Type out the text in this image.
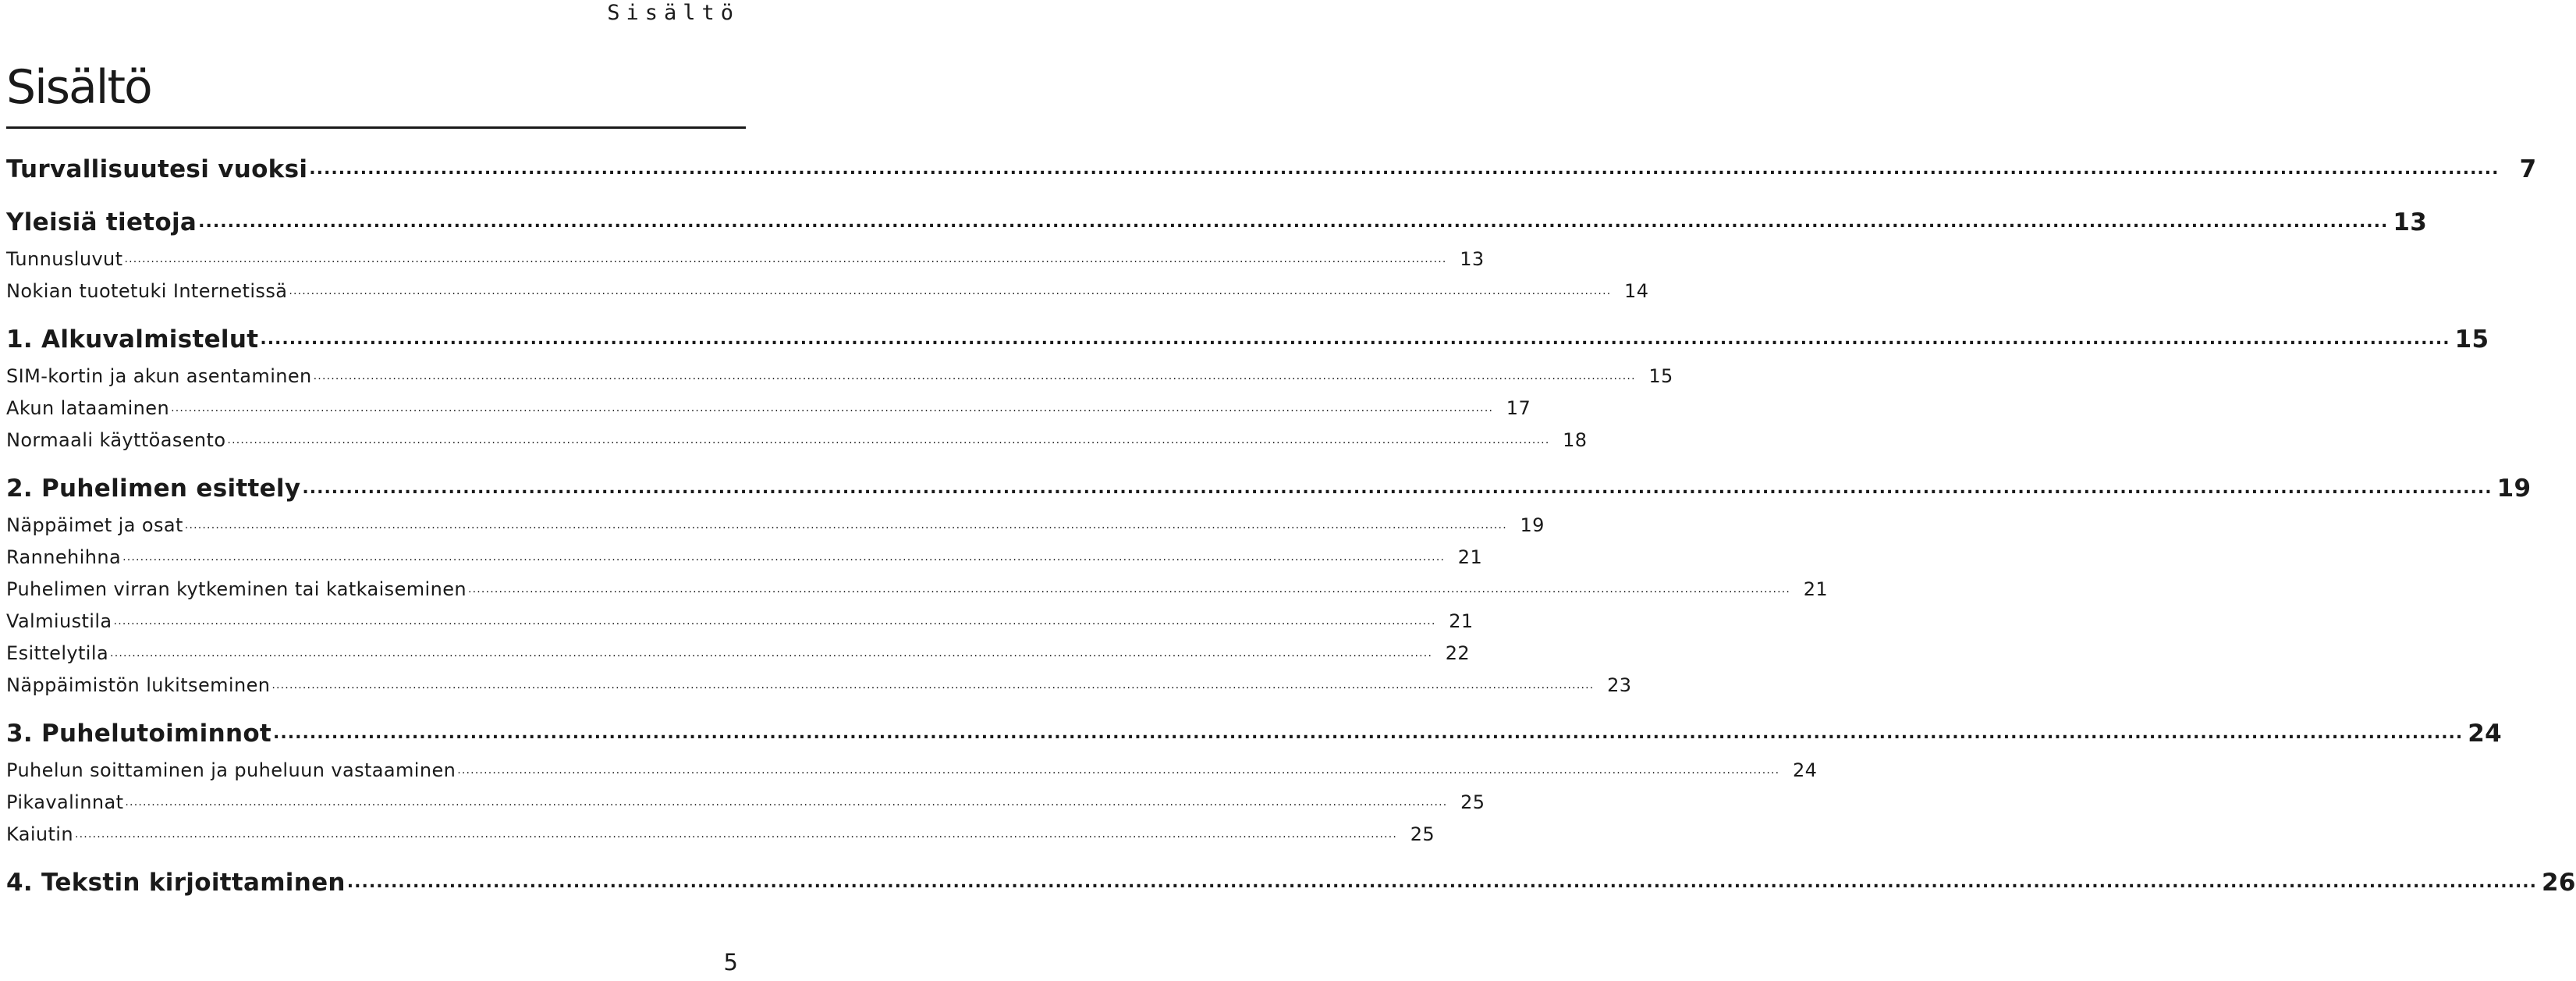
Sisältö
Sisältö
Turvallisuutesi vuoksi ............................................................................................................................................................................................................................................................................................................ 7
Yleisiä tietoja ............................................................................................................................................................................................................................................................................................................ 13
Tunnusluvut ............................................................................................................................................................................................................................................................................................................ 13
Nokian tuotetuki Internetissä ............................................................................................................................................................................................................................................................................................................ 14
1. Alkuvalmistelut ............................................................................................................................................................................................................................................................................................................ 15
SIM-kortin ja akun asentaminen ............................................................................................................................................................................................................................................................................................................ 15
Akun lataaminen ............................................................................................................................................................................................................................................................................................................ 17
Normaali käyttöasento ............................................................................................................................................................................................................................................................................................................ 18
2. Puhelimen esittely ............................................................................................................................................................................................................................................................................................................ 19
Näppäimet ja osat ............................................................................................................................................................................................................................................................................................................ 19
Rannehihna ............................................................................................................................................................................................................................................................................................................ 21
Puhelimen virran kytkeminen tai katkaiseminen ............................................................................................................................................................................................................................................................................................................ 21
Valmiustila ............................................................................................................................................................................................................................................................................................................ 21
Esittelytila ............................................................................................................................................................................................................................................................................................................ 22
Näppäimistön lukitseminen ............................................................................................................................................................................................................................................................................................................ 23
3. Puhelutoiminnot ............................................................................................................................................................................................................................................................................................................ 24
Puhelun soittaminen ja puheluun vastaaminen ............................................................................................................................................................................................................................................................................................................ 24
Pikavalinnat ............................................................................................................................................................................................................................................................................................................ 25
Kaiutin ............................................................................................................................................................................................................................................................................................................ 25
4. Tekstin kirjoittaminen ............................................................................................................................................................................................................................................................................................................ 26
5
